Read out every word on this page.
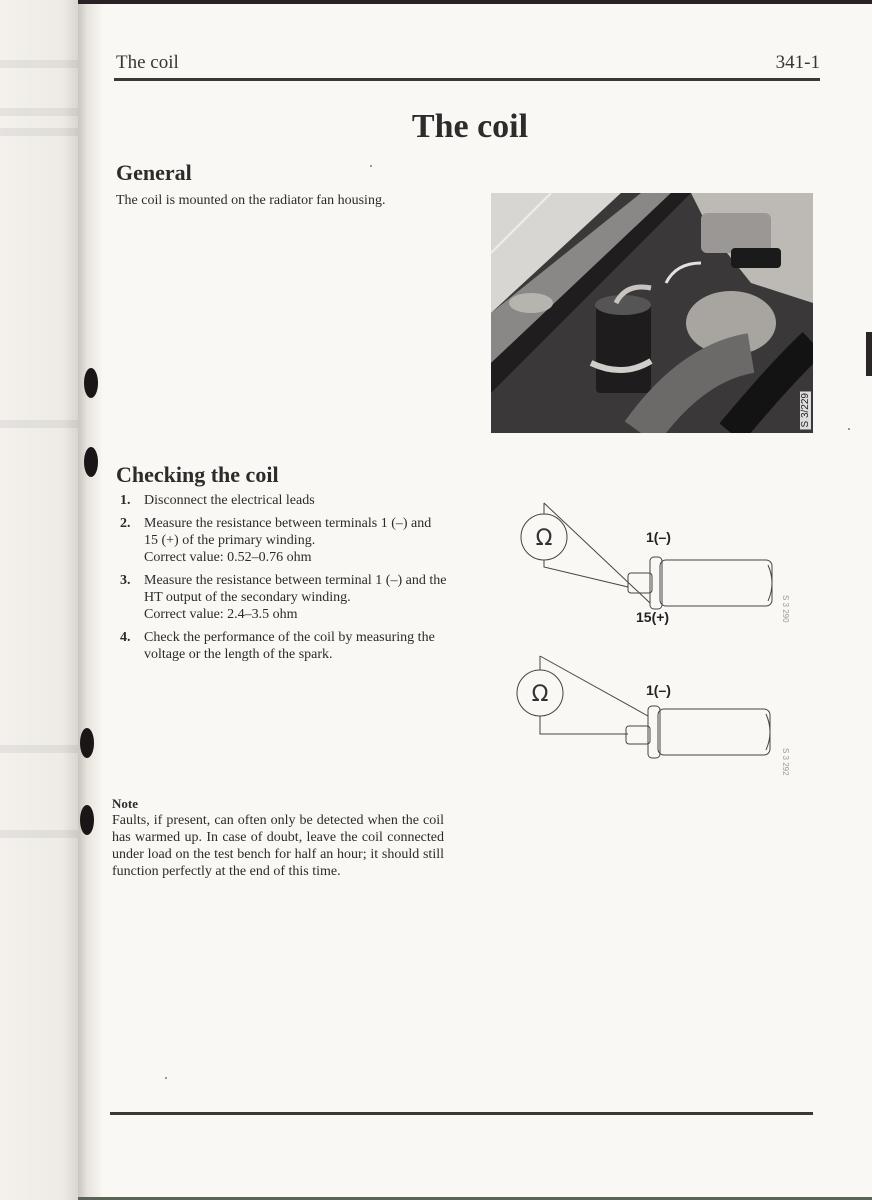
The coil	341-1
The coil
General
The coil is mounted on the radiator fan housing.
S 3/229
Checking the coil
1. Disconnect the electrical leads
2. Measure the resistance between terminals 1 (–) and 15 (+) of the primary winding.
Correct value: 0.52–0.76 ohm
3. Measure the resistance between terminal 1 (–) and the HT output of the secondary winding.
Correct value: 2.4–3.5 ohm
4. Check the performance of the coil by measuring the voltage or the length of the spark.
Ω	1(–)
15(+)	S 3 290
Ω	1(–)
S 3 292
Note
Faults, if present, can often only be detected when the coil has warmed up. In case of doubt, leave the coil connected under load on the test bench for half an hour; it should still function perfectly at the end of this time.
